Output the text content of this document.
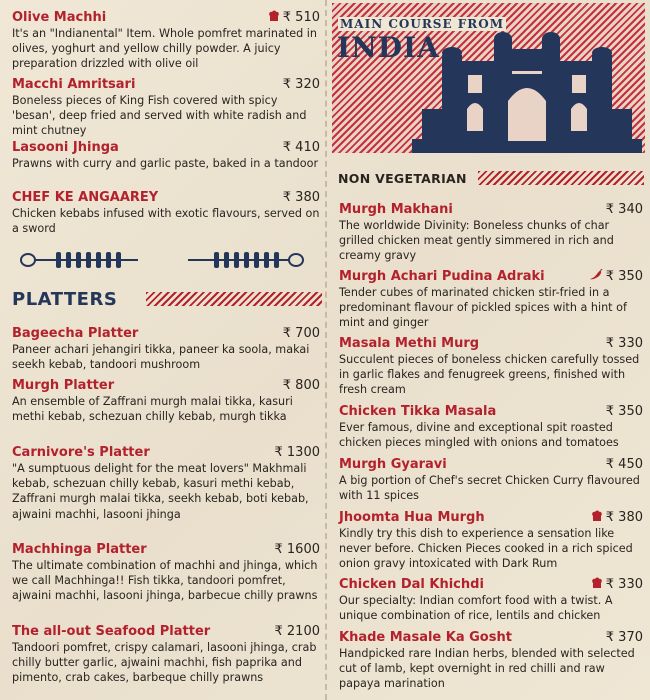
Olive Machhi	₹ 510
It's an "Indianental" Item. Whole pomfret marinated in olives, yoghurt and yellow chilly powder. A juicy preparation drizzled with olive oil
Macchi Amritsari	₹ 320
Boneless pieces of King Fish covered with spicy 'besan', deep fried and served with white radish and mint chutney
Lasooni Jhinga	₹ 410
Prawns with curry and garlic paste, baked in a tandoor
CHEF KE ANGAAREY	₹ 380
Chicken kebabs infused with exotic flavours, served on a sword
PLATTERS
Bageecha Platter	₹ 700
Paneer achari jehangiri tikka, paneer ka soola, makai seekh kebab, tandoori mushroom
Murgh Platter	₹ 800
An ensemble of Zaffrani murgh malai tikka, kasuri methi kebab, schezuan chilly kebab, murgh tikka
Carnivore's Platter	₹ 1300
"A sumptuous delight for the meat lovers" Makhmali kebab, schezuan chilly kebab, kasuri methi kebab, Zaffrani murgh malai tikka, seekh kebab, boti kebab, ajwaini machhi, lasooni jhinga
Machhinga Platter	₹ 1600
The ultimate combination of machhi and jhinga, which we call Machhinga!! Fish tikka, tandoori pomfret, ajwaini machhi, lasooni jhinga, barbecue chilly prawns
The all-out Seafood Platter	₹ 2100
Tandoori pomfret, crispy calamari, lasooni jhinga, crab chilly butter garlic, ajwaini machhi, fish paprika and pimento, crab cakes, barbeque chilly prawns
MAIN COURSE FROM
INDIA
NON VEGETARIAN
Murgh Makhani	₹ 340
The worldwide Divinity: Boneless chunks of char grilled chicken meat gently simmered in rich and creamy gravy
Murgh Achari Pudina Adraki	₹ 350
Tender cubes of marinated chicken stir-fried in a predominant flavour of pickled spices with a hint of mint and ginger
Masala Methi Murg	₹ 330
Succulent pieces of boneless chicken carefully tossed in garlic flakes and fenugreek greens, finished with fresh cream
Chicken Tikka Masala	₹ 350
Ever famous, divine and exceptional spit roasted chicken pieces mingled with onions and tomatoes
Murgh Gyaravi	₹ 450
A big portion of Chef's secret Chicken Curry flavoured with 11 spices
Jhoomta Hua Murgh	₹ 380
Kindly try this dish to experience a sensation like never before. Chicken Pieces cooked in a rich spiced onion gravy intoxicated with Dark Rum
Chicken Dal Khichdi	₹ 330
Our specialty: Indian comfort food with a twist. A unique combination of rice, lentils and chicken
Khade Masale Ka Gosht	₹ 370
Handpicked rare Indian herbs, blended with selected cut of lamb, kept overnight in red chilli and raw papaya marination
